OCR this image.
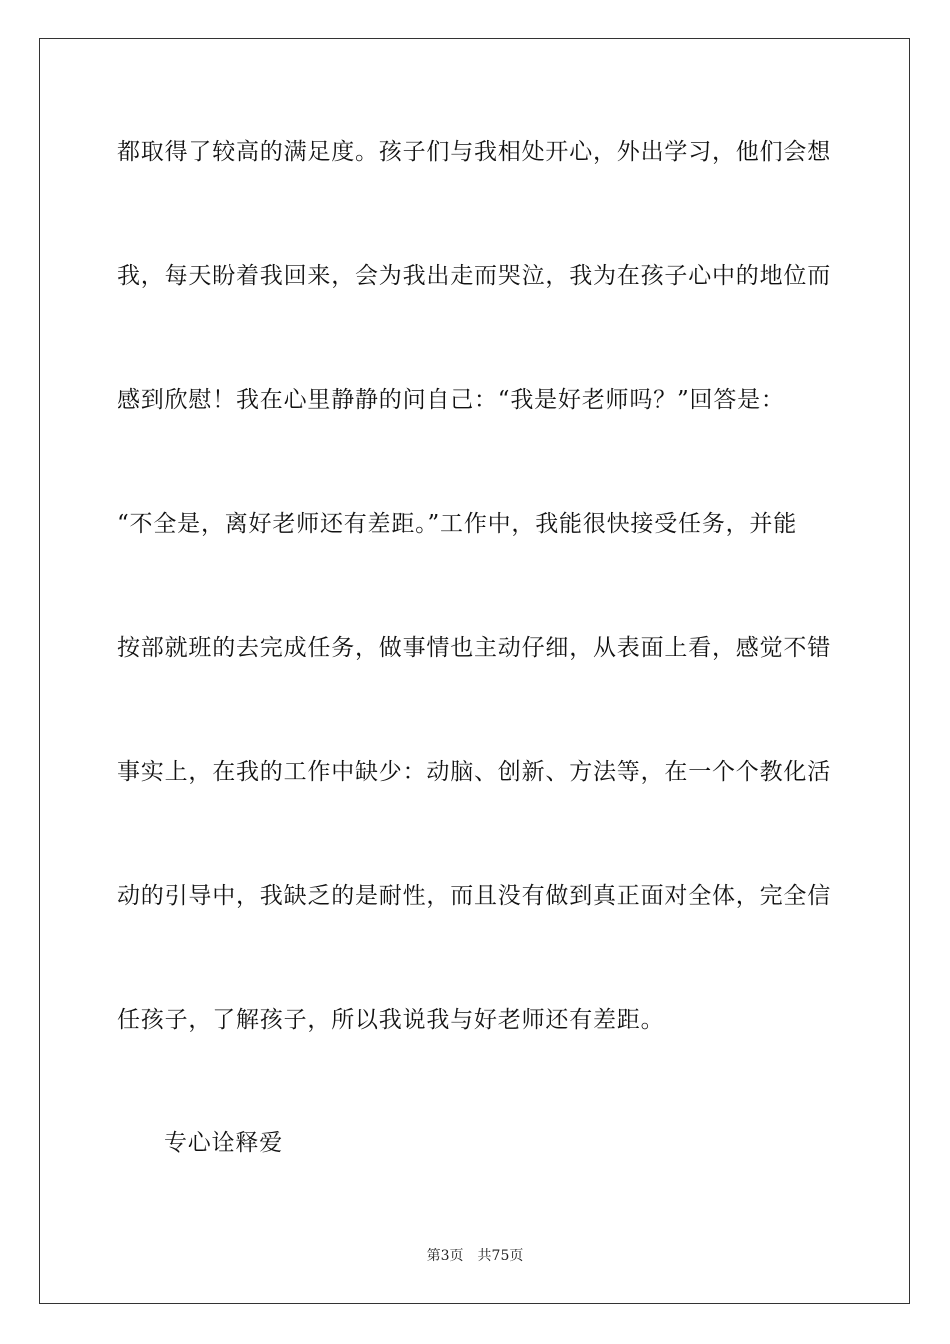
都取得了较高的满足度。孩子们与我相处开心，外出学习，他们会想
我，每天盼着我回来，会为我出走而哭泣，我为在孩子心中的地位而
感到欣慰！我在心里静静的问自己：“我是好老师吗？”回答是：
“不全是，离好老师还有差距。”工作中，我能很快接受任务，并能
按部就班的去完成任务，做事情也主动仔细，从表面上看，感觉不错
事实上，在我的工作中缺少：动脑、创新、方法等，在一个个教化活
动的引导中，我缺乏的是耐性，而且没有做到真正面对全体，完全信
任孩子，了解孩子，所以我说我与好老师还有差距。
专心诠释爱
第3页 共75页
